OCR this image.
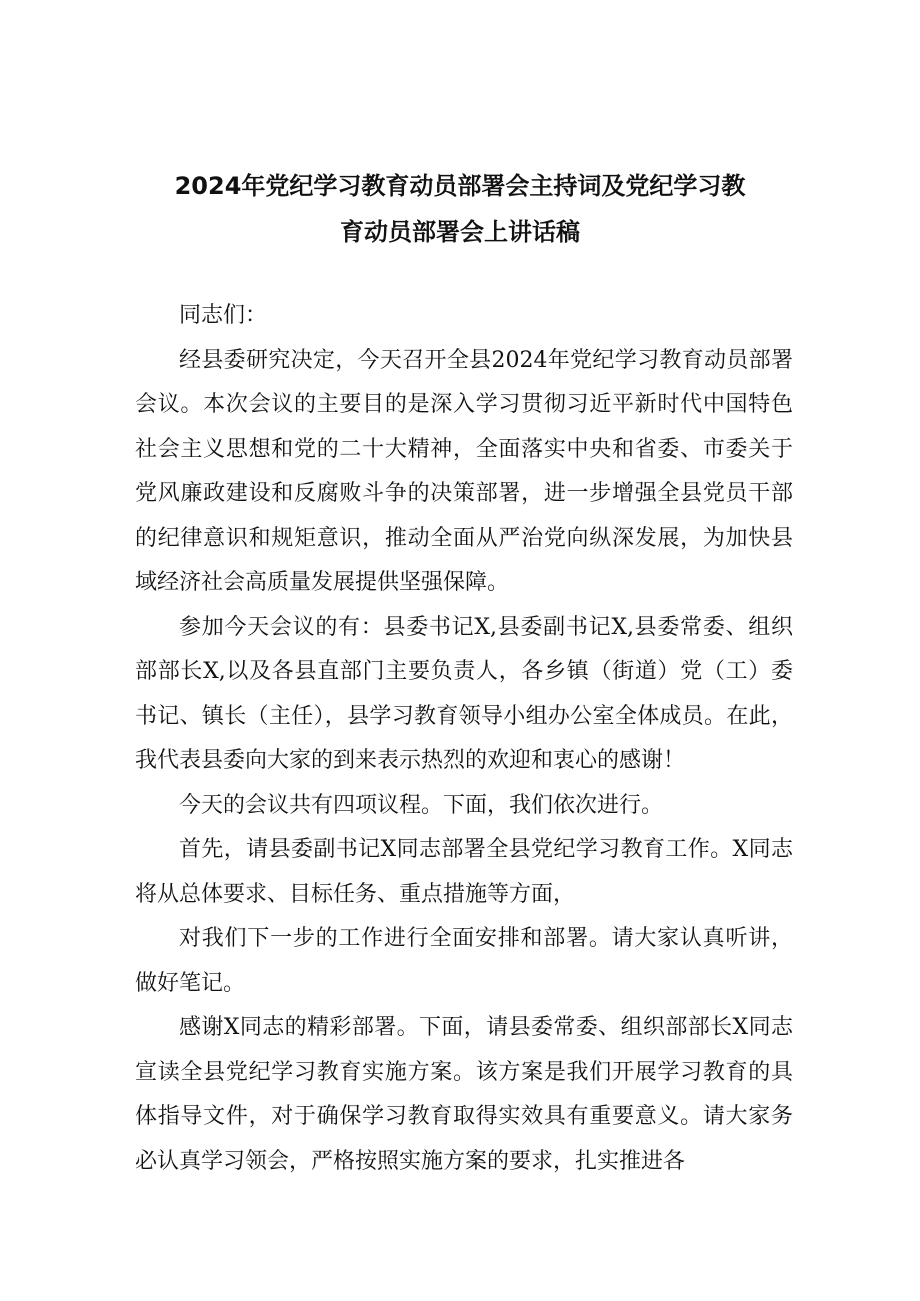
2024年党纪学习教育动员部署会主持词及党纪学习教
育动员部署会上讲话稿

同志们：

经县委研究决定，今天召开全县2024年党纪学习教育动员部署会议。本次会议的主要目的是深入学习贯彻习近平新时代中国特色社会主义思想和党的二十大精神，全面落实中央和省委、市委关于党风廉政建设和反腐败斗争的决策部署，进一步增强全县党员干部的纪律意识和规矩意识，推动全面从严治党向纵深发展，为加快县域经济社会高质量发展提供坚强保障。

参加今天会议的有：县委书记X,县委副书记X,县委常委、组织部部长X,以及各县直部门主要负责人，各乡镇（街道）党（工）委书记、镇长（主任），县学习教育领导小组办公室全体成员。在此，我代表县委向大家的到来表示热烈的欢迎和衷心的感谢！

今天的会议共有四项议程。下面，我们依次进行。

首先，请县委副书记X同志部署全县党纪学习教育工作。X同志将从总体要求、目标任务、重点措施等方面，

对我们下一步的工作进行全面安排和部署。请大家认真听讲，做好笔记。

感谢X同志的精彩部署。下面，请县委常委、组织部部长X同志宣读全县党纪学习教育实施方案。该方案是我们开展学习教育的具体指导文件，对于确保学习教育取得实效具有重要意义。请大家务必认真学习领会，严格按照实施方案的要求，扎实推进各
